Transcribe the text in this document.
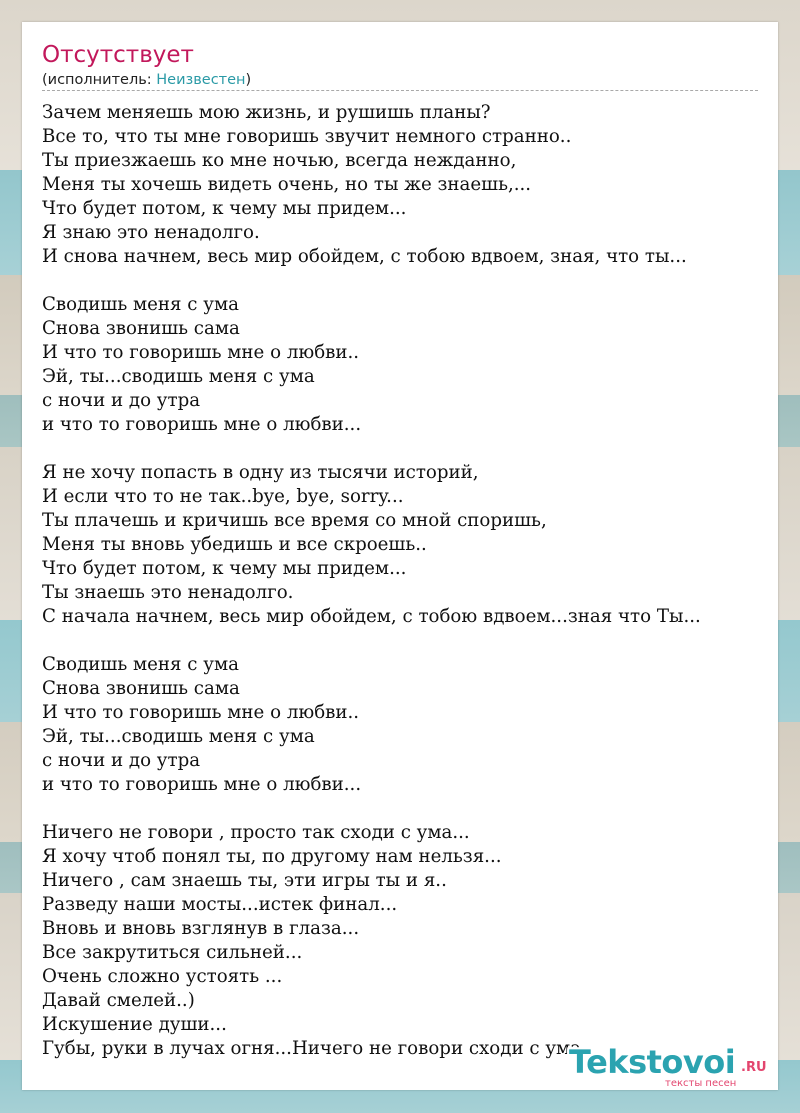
Отсутствует
(исполнитель: Неизвестен)
Зачем меняешь мою жизнь, и рушишь планы?
Все то, что ты мне говоришь звучит немного странно..
Ты приезжаешь ко мне ночью, всегда нежданно,
Меня ты хочешь видеть очень, но ты же знаешь,...
Что будет потом, к чему мы придем...
Я знаю это ненадолго.
И снова начнем, весь мир обойдем, с тобою вдвоем, зная, что ты...
Сводишь меня с ума
Снова звонишь сама
И что то говоришь мне о любви..
Эй, ты...сводишь меня с ума
с ночи и до утра
и что то говоришь мне о любви...
Я не хочу попасть в одну из тысячи историй,
И если что то не так..bye, bye, sorry...
Ты плачешь и кричишь все время со мной споришь,
Меня ты вновь убедишь и все скроешь..
Что будет потом, к чему мы придем...
Ты знаешь это ненадолго.
С начала начнем, весь мир обойдем, с тобою вдвоем...зная что Ты...
Сводишь меня с ума
Снова звонишь сама
И что то говоришь мне о любви..
Эй, ты...сводишь меня с ума
с ночи и до утра
и что то говоришь мне о любви...
Ничего не говори , просто так сходи с ума...
Я хочу чтоб понял ты, по другому нам нельзя...
Ничего , сам знаешь ты, эти игры ты и я..
Разведу наши мосты...истек финал...
Вновь и вновь взглянув в глаза...
Все закрутиться сильней...
Очень сложно устоять ...
Давай смелей..)
Искушение души...
Губы, руки в лучах огня...Ничего не говори сходи с ума
Tekstovoi .RU
тексты песен
